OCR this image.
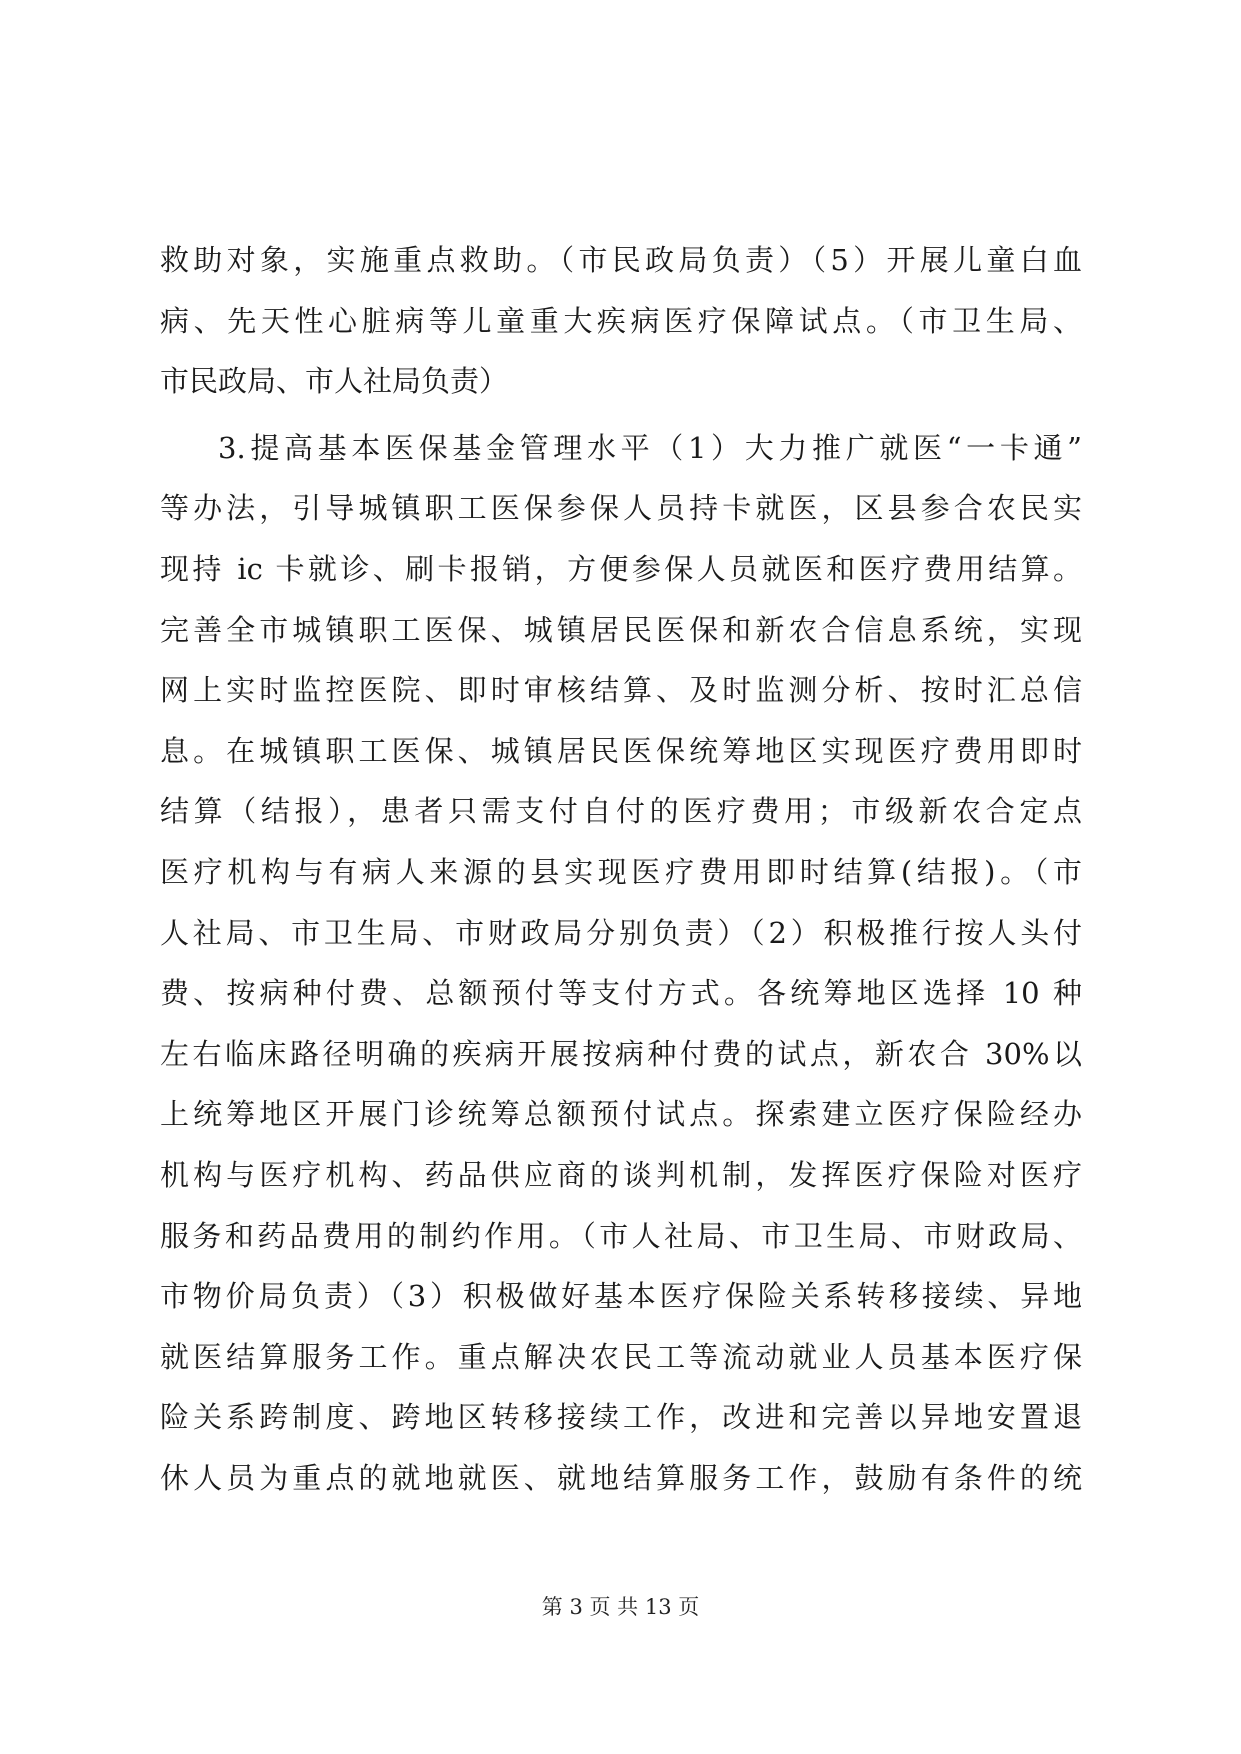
救助对象，实施重点救助。（市民政局负责）（5）开展儿童白血
病、先天性心脏病等儿童重大疾病医疗保障试点。（市卫生局、
市民政局、市人社局负责）
3.提高基本医保基金管理水平（1）大力推广就医“一卡通”
等办法，引导城镇职工医保参保人员持卡就医，区县参合农民实
现持 ic 卡就诊、刷卡报销，方便参保人员就医和医疗费用结算。
完善全市城镇职工医保、城镇居民医保和新农合信息系统，实现
网上实时监控医院、即时审核结算、及时监测分析、按时汇总信
息。在城镇职工医保、城镇居民医保统筹地区实现医疗费用即时
结算（结报），患者只需支付自付的医疗费用；市级新农合定点
医疗机构与有病人来源的县实现医疗费用即时结算(结报)。（市
人社局、市卫生局、市财政局分别负责）（2）积极推行按人头付
费、按病种付费、总额预付等支付方式。各统筹地区选择 10 种
左右临床路径明确的疾病开展按病种付费的试点，新农合 30%以
上统筹地区开展门诊统筹总额预付试点。探索建立医疗保险经办
机构与医疗机构、药品供应商的谈判机制，发挥医疗保险对医疗
服务和药品费用的制约作用。（市人社局、市卫生局、市财政局、
市物价局负责）（3）积极做好基本医疗保险关系转移接续、异地
就医结算服务工作。重点解决农民工等流动就业人员基本医疗保
险关系跨制度、跨地区转移接续工作，改进和完善以异地安置退
休人员为重点的就地就医、就地结算服务工作，鼓励有条件的统
第 3 页 共 13 页
